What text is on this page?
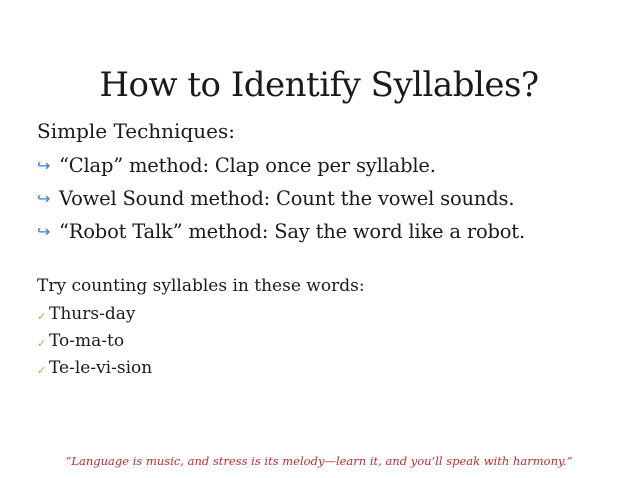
How to Identify Syllables?
Simple Techniques:
↪ “Clap” method: Clap once per syllable.
↪ Vowel Sound method: Count the vowel sounds.
↪ “Robot Talk” method: Say the word like a robot.
Try counting syllables in these words:
✓ Thurs-day
✓ To-ma-to
✓ Te-le-vi-sion
“Language is music, and stress is its melody—learn it, and you’ll speak with harmony.”
